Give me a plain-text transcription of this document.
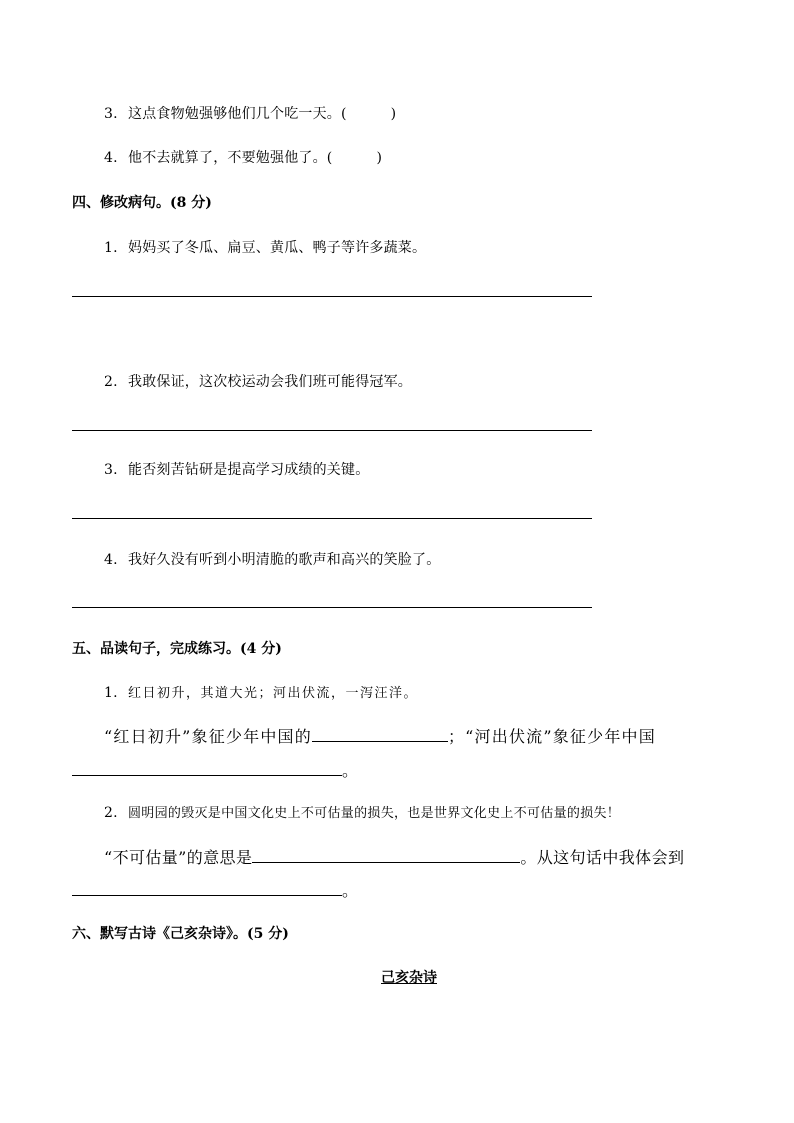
3. 这点食物勉强够他们几个吃一天。(	)
4. 他不去就算了，不要勉强他了。(	)
四、修改病句。(8 分)
1. 妈妈买了冬瓜、扁豆、黄瓜、鸭子等许多蔬菜。
2. 我敢保证，这次校运动会我们班可能得冠军。
3. 能否刻苦钻研是提高学习成绩的关键。
4. 我好久没有听到小明清脆的歌声和高兴的笑脸了。
五、品读句子，完成练习。(4 分)
1. 红日初升，其道大光；河出伏流，一泻汪洋。
“红日初升”象征少年中国的	；“河出伏流”象征少年中国
。
2. 圆明园的毁灭是中国文化史上不可估量的损失，也是世界文化史上不可估量的损失！
“不可估量”的意思是	。从这句话中我体会到
。
六、默写古诗《己亥杂诗》。(5 分)
己亥杂诗
